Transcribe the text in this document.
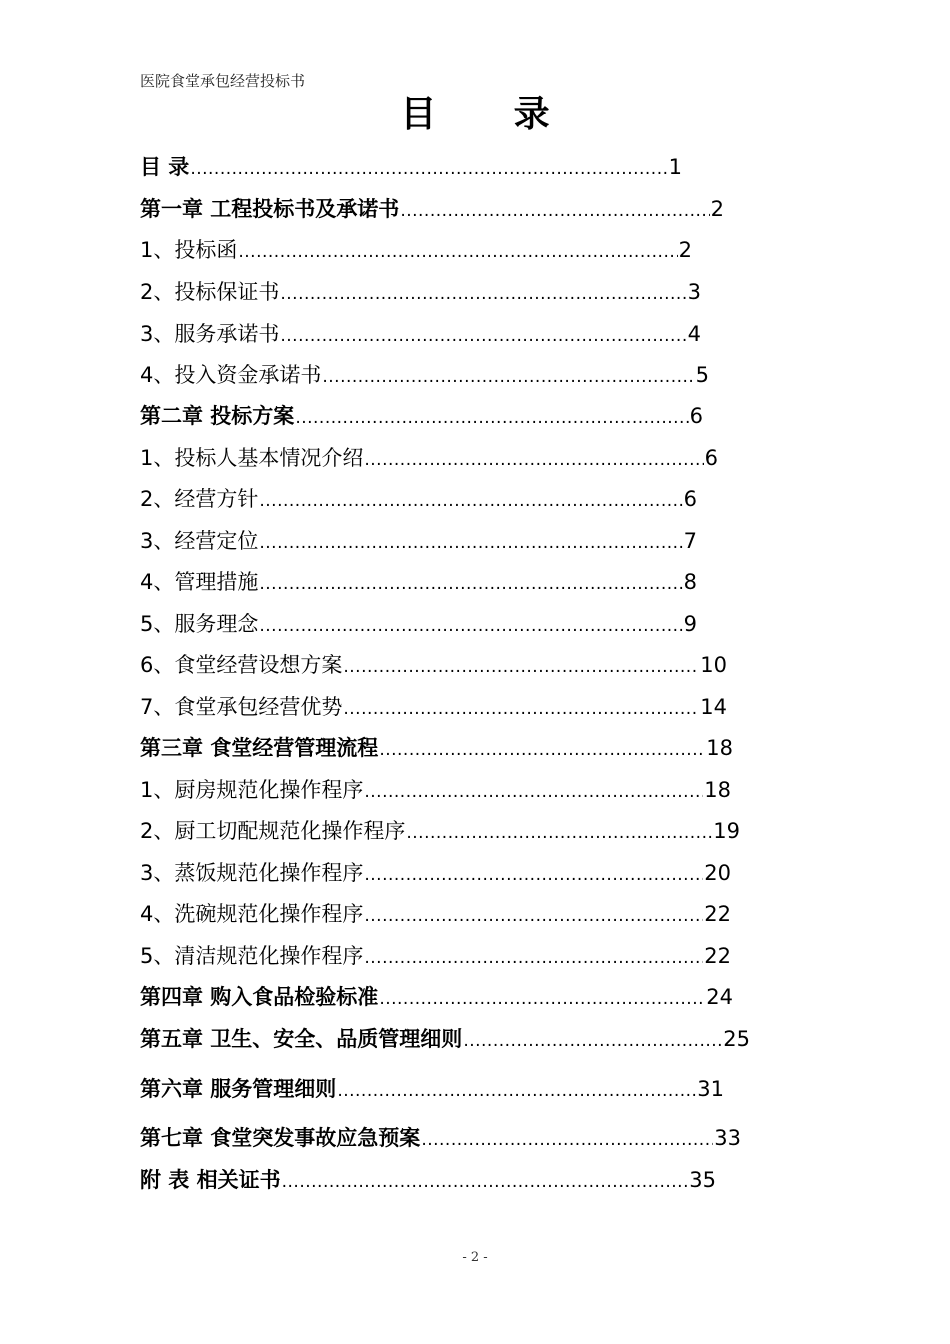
医院食堂承包经营投标书
目 录
目 录 .....	1
第一章 工程投标书及承诺书 .....	2
1、投标函 .....	2
2、投标保证书 .....	3
3、服务承诺书 .....	4
4、投入资金承诺书 .....	5
第二章 投标方案 .....	6
1、投标人基本情况介绍 .....	6
2、经营方针 .....	6
3、经营定位 .....	7
4、管理措施 .....	8
5、服务理念 .....	9
6、食堂经营设想方案 .....	10
7、食堂承包经营优势 .....	14
第三章 食堂经营管理流程 .....	18
1、厨房规范化操作程序 .....	18
2、厨工切配规范化操作程序 .....	19
3、蒸饭规范化操作程序 .....	20
4、洗碗规范化操作程序 .....	22
5、清洁规范化操作程序 .....	22
第四章 购入食品检验标准 .....	24
第五章 卫生、安全、品质管理细则 .....	25
第六章 服务管理细则 .....	31
第七章 食堂突发事故应急预案 .....	33
附 表 相关证书 .....	35
- 2 -
